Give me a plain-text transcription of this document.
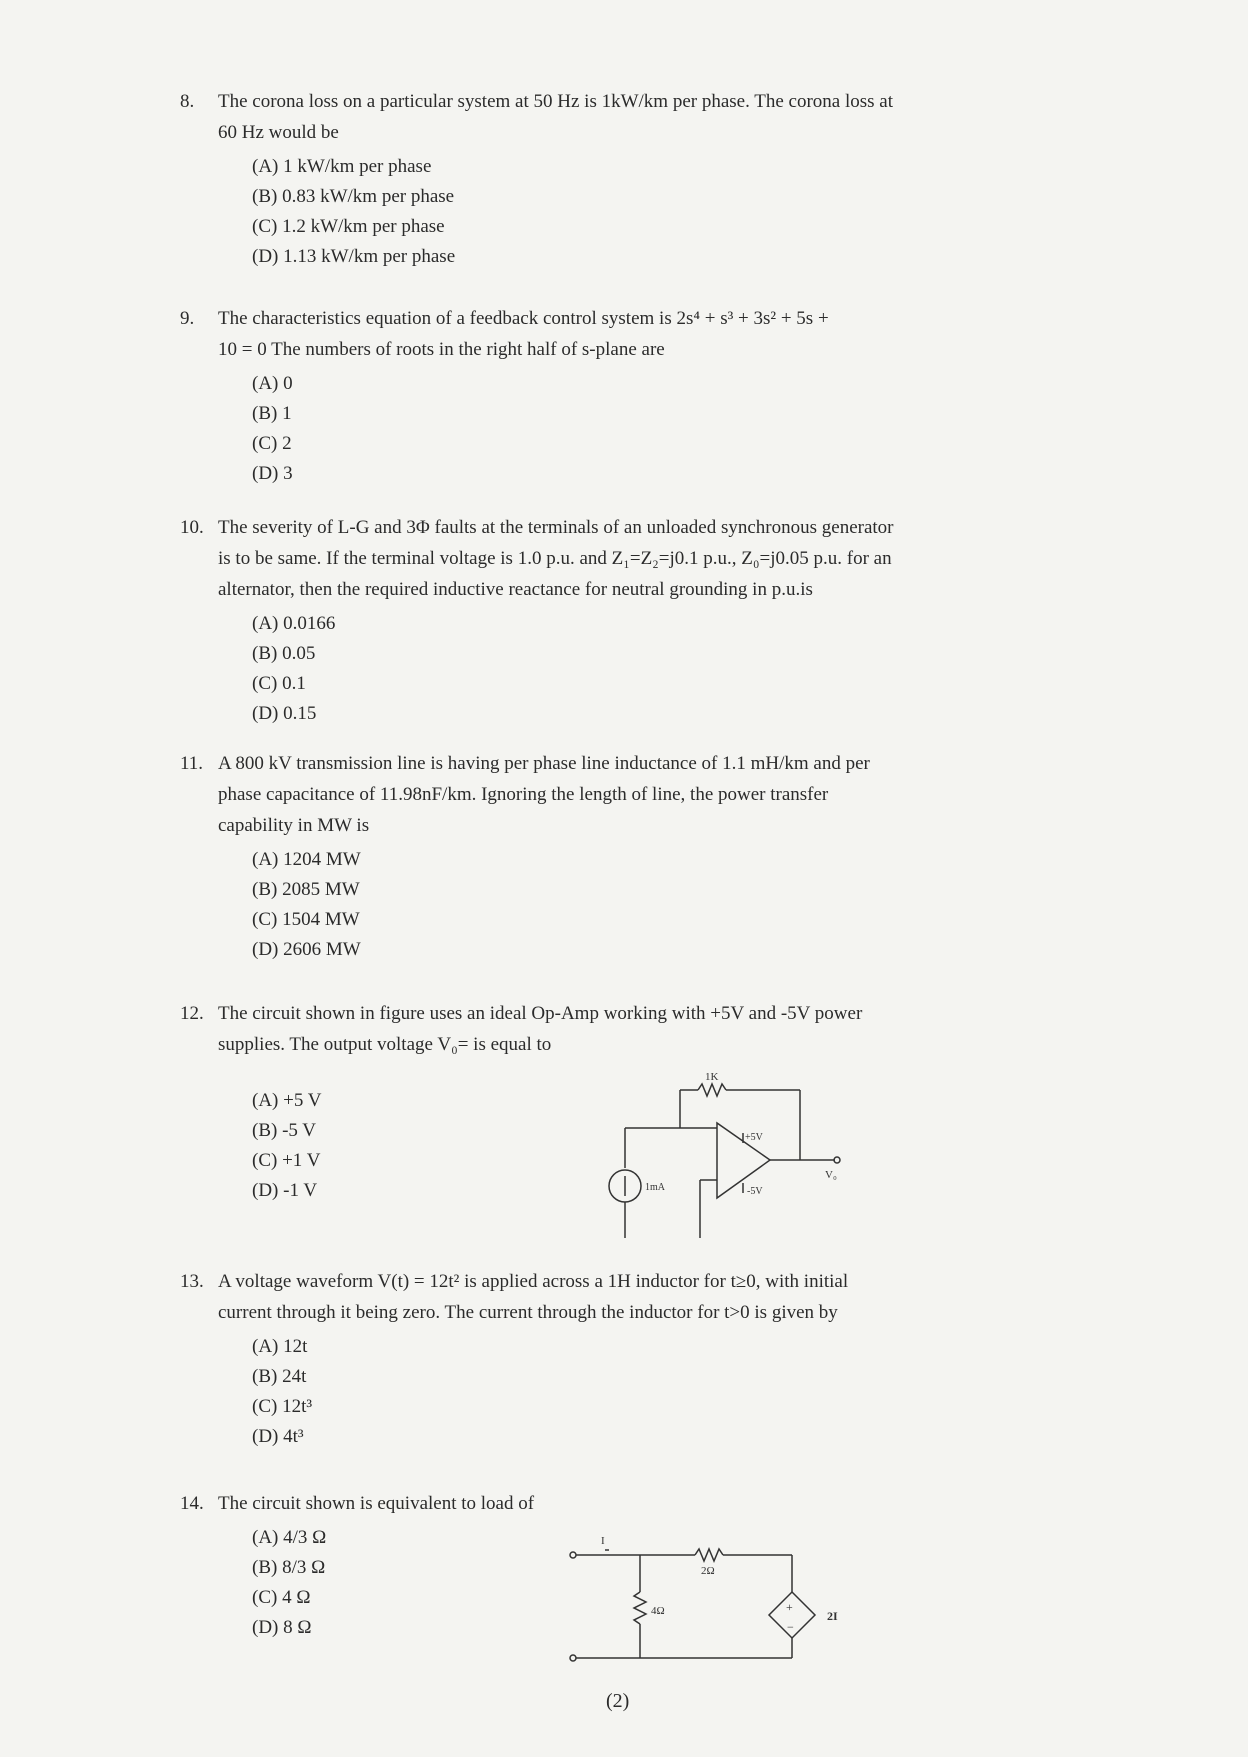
8. The corona loss on a particular system at 50 Hz is 1kW/km per phase. The corona loss at
60 Hz would be
(A) 1 kW/km per phase
(B) 0.83 kW/km per phase
(C) 1.2 kW/km per phase
(D) 1.13 kW/km per phase
9. The characteristics equation of a feedback control system is 2s⁴ + s³ + 3s² + 5s +
10 = 0 The numbers of roots in the right half of s-plane are
(A) 0
(B) 1
(C) 2
(D) 3
10. The severity of L-G and 3Φ faults at the terminals of an unloaded synchronous generator
is to be same. If the terminal voltage is 1.0 p.u. and Z₁=Z₂=j0.1 p.u., Z₀=j0.05 p.u. for an
alternator, then the required inductive reactance for neutral grounding in p.u.is
(A) 0.0166
(B) 0.05
(C) 0.1
(D) 0.15
11. A 800 kV transmission line is having per phase line inductance of 1.1 mH/km and per
phase capacitance of 11.98nF/km. Ignoring the length of line, the power transfer
capability in MW is
(A) 1204 MW
(B) 2085 MW
(C) 1504 MW
(D) 2606 MW
12. The circuit shown in figure uses an ideal Op-Amp working with +5V and -5V power
supplies. The output voltage V₀= is equal to
(A) +5 V
(B) -5 V
(C) +1 V
(D) -1 V
1K
+5V
-5V
1mA
V₀
13. A voltage waveform V(t) = 12t² is applied across a 1H inductor for t≥0, with initial
current through it being zero. The current through the inductor for t>0 is given by
(A) 12t
(B) 24t
(C) 12t³
(D) 4t³
14. The circuit shown is equivalent to load of
(A) 4/3 Ω
(B) 8/3 Ω
(C) 4 Ω
(D) 8 Ω
+
−
I
2Ω
4Ω	2I
(2)
